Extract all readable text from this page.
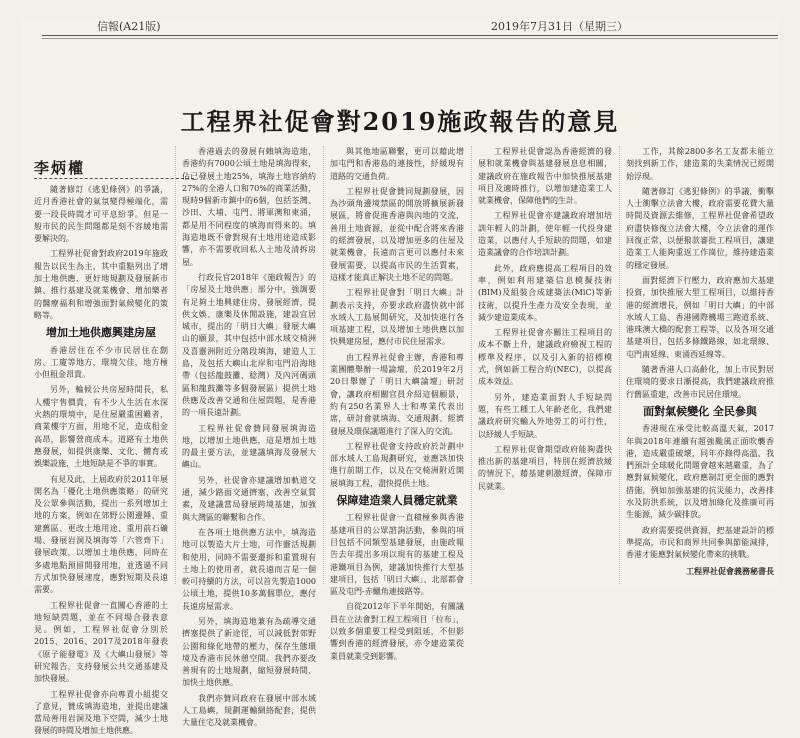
信報(A21版)	2019年7月31日（星期三）
工程界社促會對2019施政報告的意見
李炳權

隨著修訂《逃犯條例》的爭議，近月香港社會的氣氛變得極端化，需要一段長時間才可平息紛爭。但是一般市民的民生問題都是刻不容緩地需要解決的。

工程界社促會對政府2019年施政報告以民生為主，其中重點列出了增加土地供應、更好地規劃及發展新市鎮、推行基建及就業機會、增加樂者的醫療福利和增強面對氣候變化的策略等。

增加土地供應興建房屋

香港居住在不少市民居住在劏房、工廈等地方，環境欠佳，地方極小但租金昂貴。

另外，輪候公共房屋時間長，私人樓宇售價貴，有不少人生活在水深火熱的環境中，是住屋嚴重困難者，商業樓宇方面，用地不足，造成租金高昂，影響營商成本。道路有土地供應發展，如提供康樂、文化、體育或娛樂設施，土地短缺是不爭的事實。

有見及此，上屆政府於2011年展開名為「優化土地供應策略」的研究及公眾參與活動，提出一系列增加土地的方案，例如在郊野公園邊陲、重建舊區、更改土地用途、重用前石礦場、發展岩洞及填海等「六管齊下」發展政策，以增加土地供應，同時在多處地點預留開發用地，並透過不同方式加快發展速度，應對短期及長遠需要。

工程界社促會一直關心香港的土地短缺問題，並在不同場合發表意見。例如，工程界社促會分別於2015、2016、2017及2018年發表《原子能發電》及《大嶼山發展》等研究報告，支持發展公共交通基建及加快發展。

工程界社促會亦向專責小組提交了意見，贊成填海造地，並提出建議當局善用岩洞及地下空間，減少土地發展的時間及增加土地供應。

香港過去的發展有賴填海造地，香港約有7000公頃土地是填海得來，佔已發展土地25%，填海土地容納約27%的全港人口和70%的商業活動，現時9個新市鎮中的6個，包括荃灣、沙田、大埔、屯門、將軍澳和東涌，都是用不同程度的填海而得來的。填海造地既不會對現有土地用途造成影響，亦不需要收回私人土地及清拆房屋。

行政長官2018年《施政報告》的「房屋及土地供應」部分中，強調要有足夠土地興建住房，發展經濟，提供文娛、康樂及休閒設施，建設宜居城市，提出的「明日大嶼」發展大嶼山的願景，其中包括中部水域交椅洲及喜靈洲附近分階段填海，建造人工島，及包括大嶼山北岸和屯門沿海地帶（包括龍鼓灘、稔灣）及內河碼頭區和龍鼓灘等多個發展區）提供土地供應及改善交通和住屋問題，是香港的一項長遠計劃。

工程界社促會贊同發展填海造地，以增加土地供應，這是增加土地的最主要方法，並建議填海及發展大嶼山。

另外，社促會亦建議增加軌道交通，減少路面交通擠塞，改善空氣質素，及建議當局發展跨境基建，加強與大灣區的聯繫和合作。

在各項土地供應方法中，填海造地可以製造大片土地，可作靈活規劃和使用，同時不需要遷拆和重置現有土地上的使用者，就長遠而言是一個較可持續的方法，可以首先製造1000公頃土地，提供10多萬個單位，應付長遠房屋需求。

另外，填海造地兼有為疏導交通擠塞提供了新途徑，可以減低對郊野公園和綠化地帶的壓力，保存生態環境及香港市民休憩空間。我們亦要改善現有的土地規劃，縮短發展時間，加快土地供應。

我們亦贊同政府在發展中部水域人工島嶼，規劃運輸網絡配套，提供大量住宅及就業機會。

與其他地區聯繫，更可以藉此增加屯門和香港島的連接性，紓緩現有道路的交通負荷。

工程界社促會贊同規劃發展，因為沙頭角邊境禁區的開放將擴展新發展區，將會促進香港與內地的交流，善用土地資源，並從中配合將來香港的經濟發展，以及增加更多的住屋及就業機會，長遠而言更可以應付未來發展需要，以提高市民的生活質素，這樣才能真正解決土地不足的問題。

工程界社促會對「明日大嶼」計劃表示支持，亦要求政府盡快就中部水域人工島展開研究，及加快進行各項基建工程，以及增加土地供應以加快興建房屋，應付市民住屋需求。

由工程界社促會主辦，香港和專業團體舉辦一場論壇，於2019年2月20日舉辦了「明日大嶼論壇」研討會，讓政府相關官員介紹這個願景，約有250名業界人士和專業代表出席，研討會就填海、交通規劃、經濟發展及環保議題進行了深入的交流。

工程界社促會支持政府於計劃中部水域人工島規劃研究，並應該加快進行前期工作，以及在交椅洲附近開展填海工程，盡快提供土地。

保障建造業人員穩定就業

工程界社促會一直積極參與香港基建項目的公眾諮詢活動，參與的項目包括不同類型基建發展，由施政報告去年提出多項以現有的基建工程及港鐵項目為例，建議加快推行大型基建項目，包括「明日大嶼」、北部都會區及屯門-赤鱲角連接路等。

自從2012年下半年開始，有關議員在立法會對工程工程項目「拉布」，以致多個重要工程受到阻延，不但影響到香港的經濟發展，亦令建造業從業員就業受到影響。

工程界社促會認為香港經濟的發展和就業機會與基建發展息息相關，建議政府在施政報告中加快推展基建項目及適時推行，以增加建造業工人就業機會，保障他們的生計。

工程界社促會亦建議政府增加培訓年輕人的計劃，使年輕一代投身建造業，以應付人手短缺的問題，如建造業議會的合作培訓計劃。

此外，政府應提高工程項目的效率，例如利用建築信息模擬技術(BIM)及組裝合成建築法(MiC)等新技術，以提升生產力及安全表現，並減少建造業成本。

工程界社促會亦關注工程項目的成本不斷上升，建議政府檢視工程的標準及程序，以及引入新的招標模式，例如新工程合約(NEC)，以提高成本效益。

另外，建造業面對人手短缺問題，有些工種工人年齡老化，我們建議政府研究輸入外地勞工的可行性，以紓緩人手短缺。

工程界社促會期望政府能夠盡快推出新的基建項目，特別在經濟放緩的情況下，藉基建刺激經濟，保障市民就業。

工作，其餘2800多名工友都未能立刻找到新工作，建造業的失業情況已經開始浮現。

隨著修訂《逃犯條例》的爭議，衝擊人士衝擊立法會大樓，政府需要花費大量時間及資源去維修，工程界社促會希望政府盡快修復立法會大樓，令立法會的運作回復正常，以便撥款審批工程項目，讓建造業工人能夠重返工作崗位，維持建造業的穩定發展。

面對經濟下行壓力，政府應加大基建投資，加快推展大型工程項目，以維持香港的經濟增長，例如「明日大嶼」的中部水域人工島、香港國際機場三跑道系統、港珠澳大橋的配套工程等，以及各項交通基建項目，包括多條鐵路線，如北環線、屯門南延線、東涌西延線等。

隨著香港人口高齡化，加上市民對居住環境的要求日漸提高，我們建議政府推行舊區重建，改善市民居住環境。

面對氣候變化 全民參與

香港現在承受比較高溫天氣，2017年與2018年連續有超強颱風正面吹襲香港，造成嚴重破壞，同年亦錄得高溫，我們預計全球暖化問題會越來越嚴重，為了應對氣候變化，政府應制訂更全面的應對措施，例如加強基建的抗災能力，改善排水及防洪系統，以及增加綠化及推廣可再生能源，減少碳排放。

政府需要提供資源，把基建設計的標準提高，市民和商界共同參與節能減排，香港才能應對氣候變化帶來的挑戰。

工程界社促會義務秘書長
